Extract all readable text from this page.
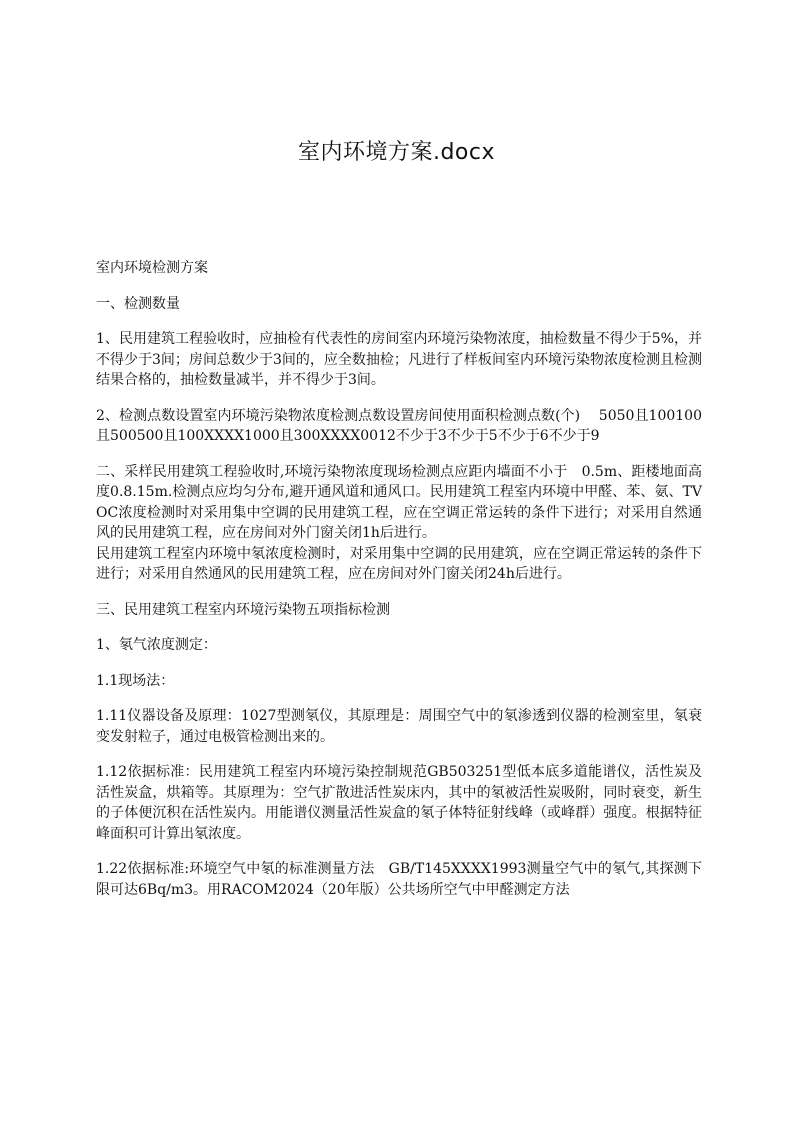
室内环境方案.docx

室内环境检测方案

一、检测数量

1、民用建筑工程验收时，应抽检有代表性的房间室内环境污染物浓度，抽检数量不得少于5%，并不得少于3间；房间总数少于3间的，应全数抽检；凡进行了样板间室内环境污染物浓度检测且检测结果合格的，抽检数量减半，并不得少于3间。

2、检测点数设置室内环境污染物浓度检测点数设置房间使用面积检测点数(个)　 5050且100100且500500且100XXXX1000且300XXXX0012不少于3不少于5不少于6不少于9

二、采样民用建筑工程验收时,环境污染物浓度现场检测点应距内墙面不小于　0.5m、距楼地面高度0.8.15m.检测点应均匀分布,避开通风道和通风口。民用建筑工程室内环境中甲醛、苯、氨、TVOC浓度检测时对采用集中空调的民用建筑工程，应在空调正常运转的条件下进行；对采用自然通风的民用建筑工程，应在房间对外门窗关闭1h后进行。

民用建筑工程室内环境中氡浓度检测时，对采用集中空调的民用建筑，应在空调正常运转的条件下进行；对采用自然通风的民用建筑工程，应在房间对外门窗关闭24h后进行。

三、民用建筑工程室内环境污染物五项指标检测

1、氡气浓度测定：

1.1现场法：

1.11仪器设备及原理：1027型测氡仪，其原理是：周围空气中的氡渗透到仪器的检测室里，氡衰变发射粒子，通过电极管检测出来的。

1.12依据标准：民用建筑工程室内环境污染控制规范GB503251型低本底多道能谱仪，活性炭及活性炭盒，烘箱等。其原理为：空气扩散进活性炭床内，其中的氡被活性炭吸附，同时衰变，新生的子体便沉积在活性炭内。用能谱仪测量活性炭盒的氡子体特征射线峰（或峰群）强度。根据特征峰面积可计算出氡浓度。

1.22依据标准:环境空气中氡的标准测量方法　GB/T145XXXX1993测量空气中的氡气,其探测下限可达6Bq/m3。用RACOM2024（20年版）公共场所空气中甲醛测定方法
